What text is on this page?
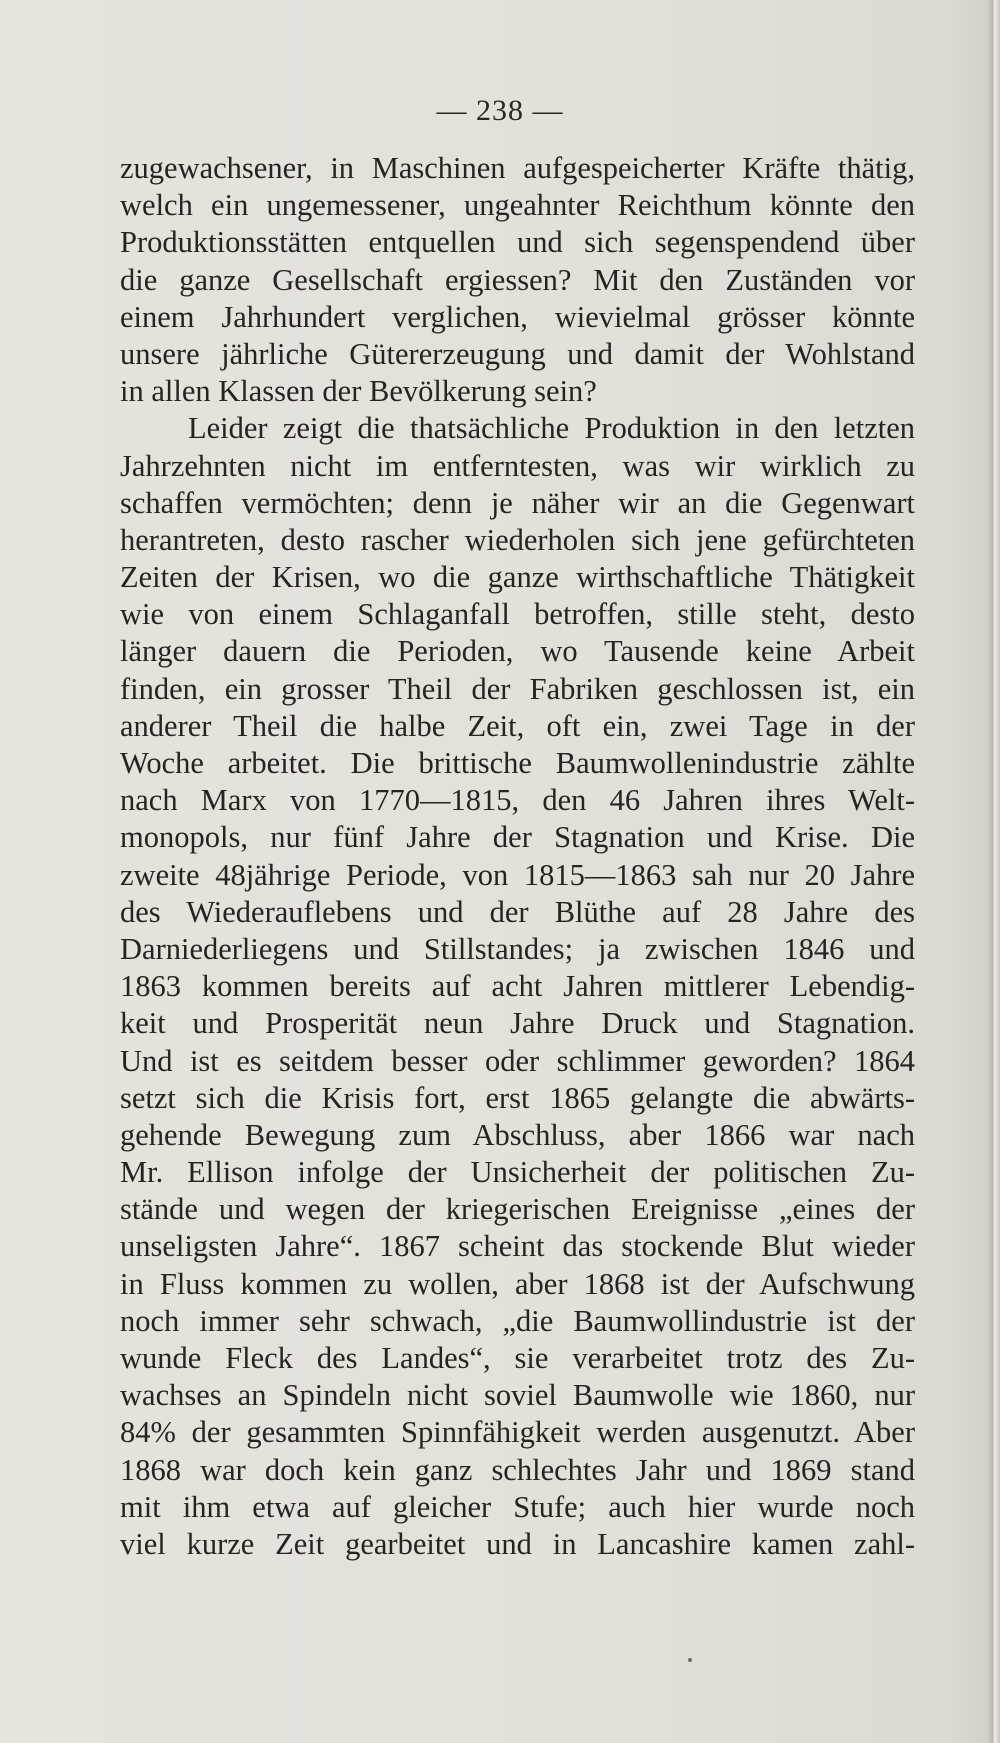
— 238 —
zugewachsener, in Maschinen aufgespeicherter Kräfte thätig,
welch ein ungemessener, ungeahnter Reichthum könnte den
Produktionsstätten entquellen und sich segenspendend über
die ganze Gesellschaft ergiessen? Mit den Zuständen vor
einem Jahrhundert verglichen, wievielmal grösser könnte
unsere jährliche Gütererzeugung und damit der Wohlstand
in allen Klassen der Bevölkerung sein?
Leider zeigt die thatsächliche Produktion in den letzten
Jahrzehnten nicht im entferntesten, was wir wirklich zu
schaffen vermöchten; denn je näher wir an die Gegenwart
herantreten, desto rascher wiederholen sich jene gefürchteten
Zeiten der Krisen, wo die ganze wirthschaftliche Thätigkeit
wie von einem Schlaganfall betroffen, stille steht, desto
länger dauern die Perioden, wo Tausende keine Arbeit
finden, ein grosser Theil der Fabriken geschlossen ist, ein
anderer Theil die halbe Zeit, oft ein, zwei Tage in der
Woche arbeitet. Die brittische Baumwollenindustrie zählte
nach Marx von 1770—1815, den 46 Jahren ihres Welt-
monopols, nur fünf Jahre der Stagnation und Krise. Die
zweite 48jährige Periode, von 1815—1863 sah nur 20 Jahre
des Wiederauflebens und der Blüthe auf 28 Jahre des
Darniederliegens und Stillstandes; ja zwischen 1846 und
1863 kommen bereits auf acht Jahren mittlerer Lebendig-
keit und Prosperität neun Jahre Druck und Stagnation.
Und ist es seitdem besser oder schlimmer geworden? 1864
setzt sich die Krisis fort, erst 1865 gelangte die abwärts-
gehende Bewegung zum Abschluss, aber 1866 war nach
Mr. Ellison infolge der Unsicherheit der politischen Zu-
stände und wegen der kriegerischen Ereignisse „eines der
unseligsten Jahre“. 1867 scheint das stockende Blut wieder
in Fluss kommen zu wollen, aber 1868 ist der Aufschwung
noch immer sehr schwach, „die Baumwollindustrie ist der
wunde Fleck des Landes“, sie verarbeitet trotz des Zu-
wachses an Spindeln nicht soviel Baumwolle wie 1860, nur
84% der gesammten Spinnfähigkeit werden ausgenutzt. Aber
1868 war doch kein ganz schlechtes Jahr und 1869 stand
mit ihm etwa auf gleicher Stufe; auch hier wurde noch
viel kurze Zeit gearbeitet und in Lancashire kamen zahl-
